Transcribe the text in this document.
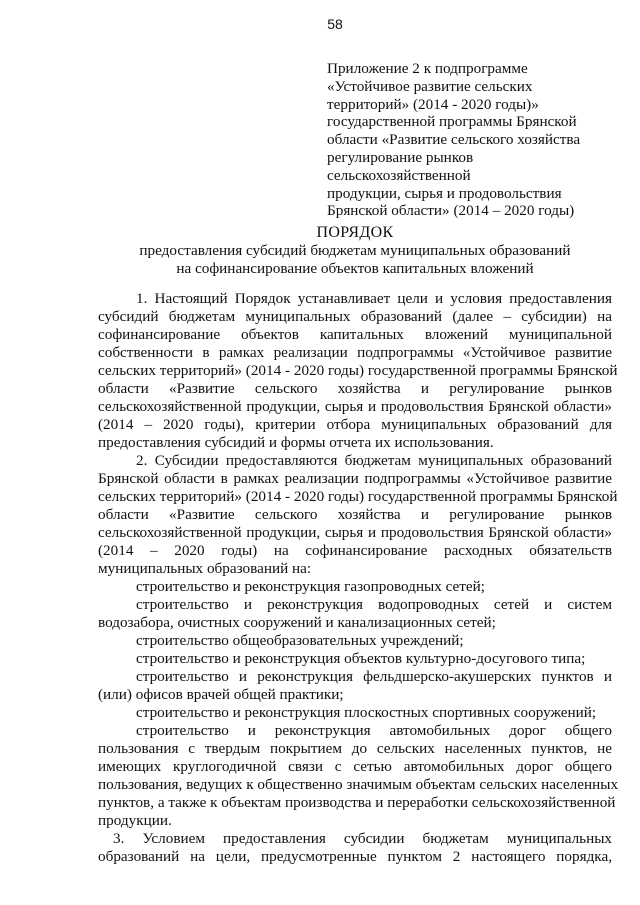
58
Приложение 2 к подпрограмме
«Устойчивое развитие сельских
территорий» (2014 - 2020 годы)»
государственной программы Брянской
области «Развитие сельского хозяйства
регулирование рынков
сельскохозяйственной
продукции, сырья и продовольствия
Брянской области» (2014 – 2020 годы)
ПОРЯДОК
предоставления субсидий бюджетам муниципальных образований
на софинансирование объектов капитальных вложений
1. Настоящий Порядок устанавливает цели и условия предоставления
субсидий бюджетам муниципальных образований (далее – субсидии) на
софинансирование объектов капитальных вложений муниципальной
собственности в рамках реализации подпрограммы «Устойчивое развитие
сельских территорий» (2014 - 2020 годы) государственной программы Брянской
области «Развитие сельского хозяйства и регулирование рынков
сельскохозяйственной продукции, сырья и продовольствия Брянской области»
(2014 – 2020 годы), критерии отбора муниципальных образований для
предоставления субсидий и формы отчета их использования.
2. Субсидии предоставляются бюджетам муниципальных образований
Брянской области в рамках реализации подпрограммы «Устойчивое развитие
сельских территорий» (2014 - 2020 годы) государственной программы Брянской
области «Развитие сельского хозяйства и регулирование рынков
сельскохозяйственной продукции, сырья и продовольствия Брянской области»
(2014 – 2020 годы) на софинансирование расходных обязательств
муниципальных образований на:
строительство и реконструкция газопроводных сетей;
строительство и реконструкция водопроводных сетей и систем
водозабора, очистных сооружений и канализационных сетей;
строительство общеобразовательных учреждений;
строительство и реконструкция объектов культурно-досугового типа;
строительство и реконструкция фельдшерско-акушерских пунктов и
(или) офисов врачей общей практики;
строительство и реконструкция плоскостных спортивных сооружений;
строительство и реконструкция автомобильных дорог общего
пользования с твердым покрытием до сельских населенных пунктов, не
имеющих круглогодичной связи с сетью автомобильных дорог общего
пользования, ведущих к общественно значимым объектам сельских населенных
пунктов, а также к объектам производства и переработки сельскохозяйственной
продукции.
3. Условием предоставления субсидии бюджетам муниципальных
образований на цели, предусмотренные пунктом 2 настоящего порядка,
